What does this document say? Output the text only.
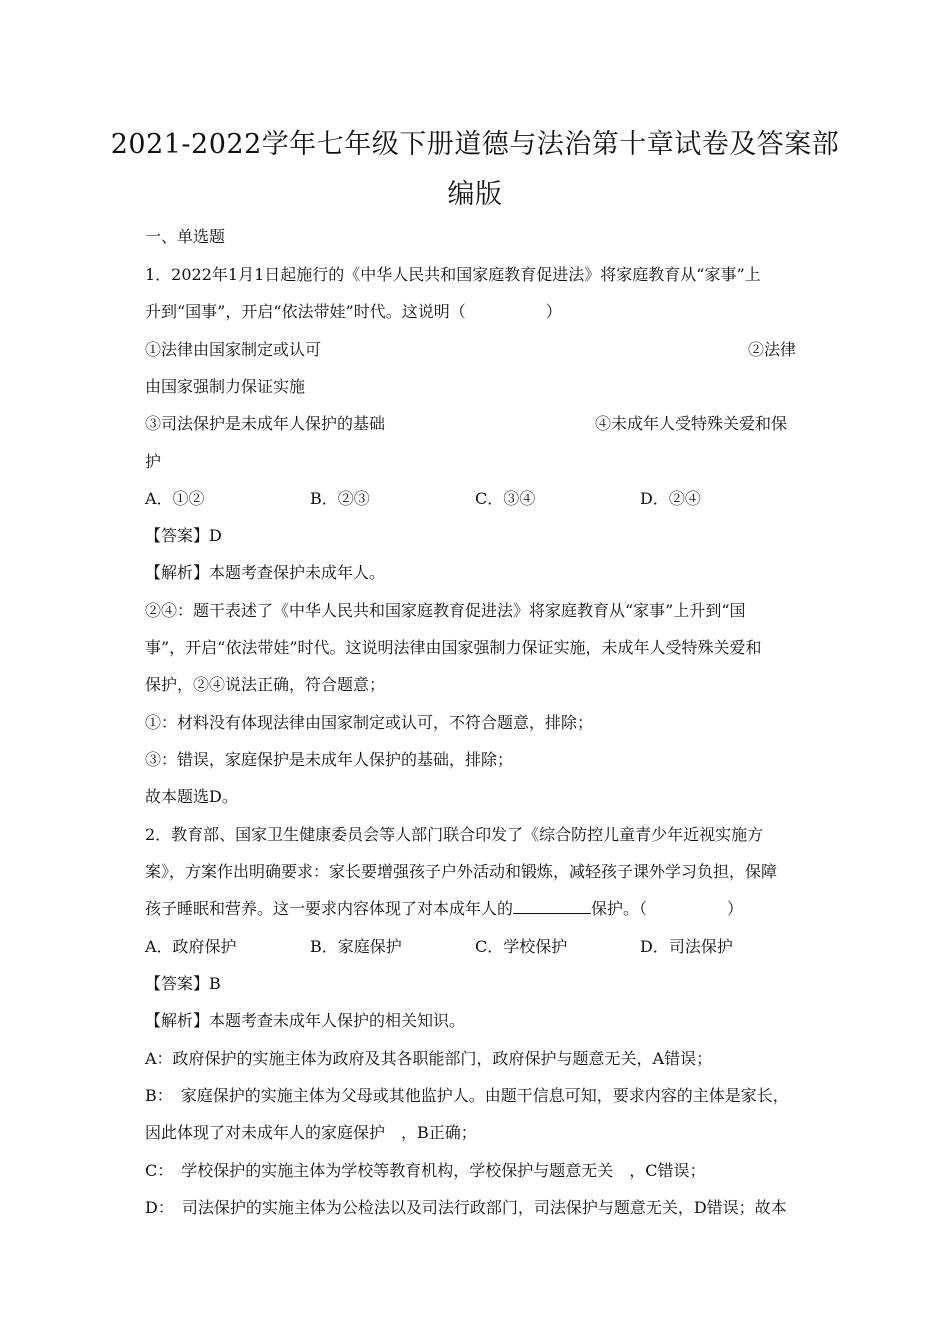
2021-2022学年七年级下册道德与法治第十章试卷及答案部
编版
一、单选题
1．2022年1月1日起施行的《中华人民共和国家庭教育促进法》将家庭教育从“家事”上
升到“国事”，开启“依法带娃”时代。这说明（　　　　　）
①法律由国家制定或认可	②法律
由国家强制力保证实施
③司法保护是未成年人保护的基础	④未成年人受特殊关爱和保
护
A．①②	B．②③	C．③④	D．②④
【答案】D
【解析】本题考查保护未成年人。
②④：题干表述了《中华人民共和国家庭教育促进法》将家庭教育从“家事”上升到“国
事”，开启“依法带娃”时代。这说明法律由国家强制力保证实施，未成年人受特殊关爱和
保护，②④说法正确，符合题意；
①：材料没有体现法律由国家制定或认可，不符合题意，排除；
③：错误，家庭保护是未成年人保护的基础，排除；
故本题选D。
2．教育部、国家卫生健康委员会等人部门联合印发了《综合防控儿童青少年近视实施方
案》，方案作出明确要求：家长要增强孩子户外活动和锻炼，减轻孩子课外学习负担，保障
孩子睡眠和营养。这一要求内容体现了对本成年人的	保护。（　　　　　）
A．政府保护	B．家庭保护	C．学校保护	D．司法保护
【答案】B
【解析】本题考查未成年人保护的相关知识。
A：政府保护的实施主体为政府及其各职能部门，政府保护与题意无关，A错误；
B：　家庭保护的实施主体为父母或其他监护人。由题干信息可知，要求内容的主体是家长，
因此体现了对未成年人的家庭保护　，B正确；
C：　学校保护的实施主体为学校等教育机构，学校保护与题意无关　，C错误；
D：　司法保护的实施主体为公检法以及司法行政部门，司法保护与题意无关，D错误；故本
